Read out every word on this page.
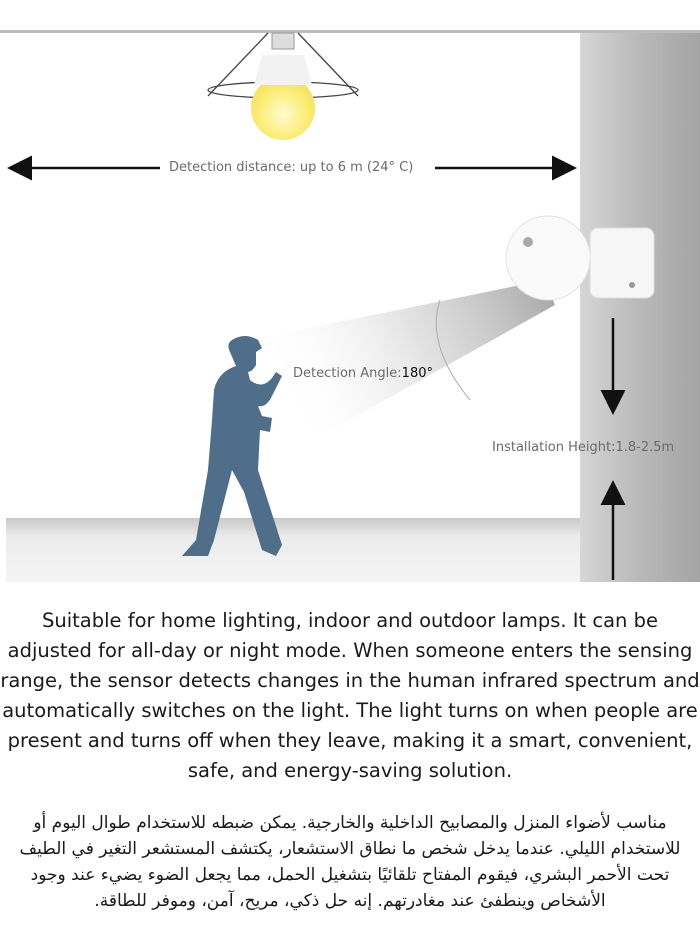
Detection distance: up to 6 m (24° C)
Detection Angle:180°
Installation Height:1.8-2.5m
Suitable for home lighting, indoor and outdoor lamps. It can be adjusted for all-day or night mode. When someone enters the sensing range, the sensor detects changes in the human infrared spectrum and automatically switches on the light. The light turns on when people are present and turns off when they leave, making it a smart, convenient, safe, and energy-saving solution.
مناسب لأضواء المنزل والمصابيح الداخلية والخارجية. يمكن ضبطه للاستخدام طوال اليوم أو للاستخدام الليلي. عندما يدخل شخص ما نطاق الاستشعار، يكتشف المستشعر التغير في الطيف تحت الأحمر البشري، فيقوم المفتاح تلقائيًا بتشغيل الحمل، مما يجعل الضوء يضيء عند وجود الأشخاص وينطفئ عند مغادرتهم. إنه حل ذكي، مريح، آمن، وموفر للطاقة.
